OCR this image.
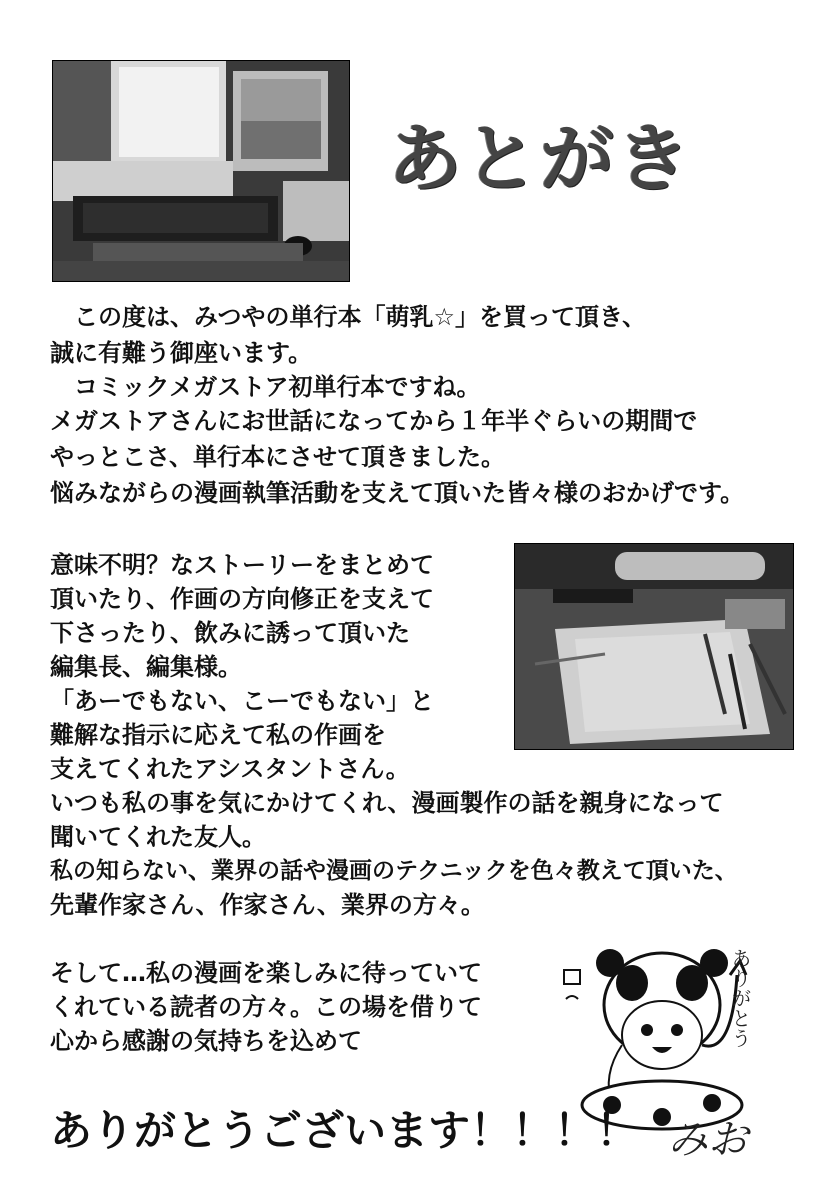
あとがき
　この度は、みつやの単行本「萌乳☆」を買って頂き、
誠に有難う御座います。
　コミックメガストア初単行本ですね。
メガストアさんにお世話になってから１年半ぐらいの期間で
やっとこさ、単行本にさせて頂きました。
悩みながらの漫画執筆活動を支えて頂いた皆々様のおかげです。
意味不明？なストーリーをまとめて
頂いたり、作画の方向修正を支えて
下さったり、飲みに誘って頂いた
編集長、編集様。
「あーでもない、こーでもない」と
難解な指示に応えて私の作画を
支えてくれたアシスタントさん。
いつも私の事を気にかけてくれ、漫画製作の話を親身になって
聞いてくれた友人。
私の知らない、業界の話や漫画のテクニックを色々教えて頂いた、
先輩作家さん、作家さん、業界の方々。
そして…私の漫画を楽しみに待っていて
くれている読者の方々。この場を借りて
心から感謝の気持ちを込めて	ありがとう
ありがとうございます！！！！ みお
